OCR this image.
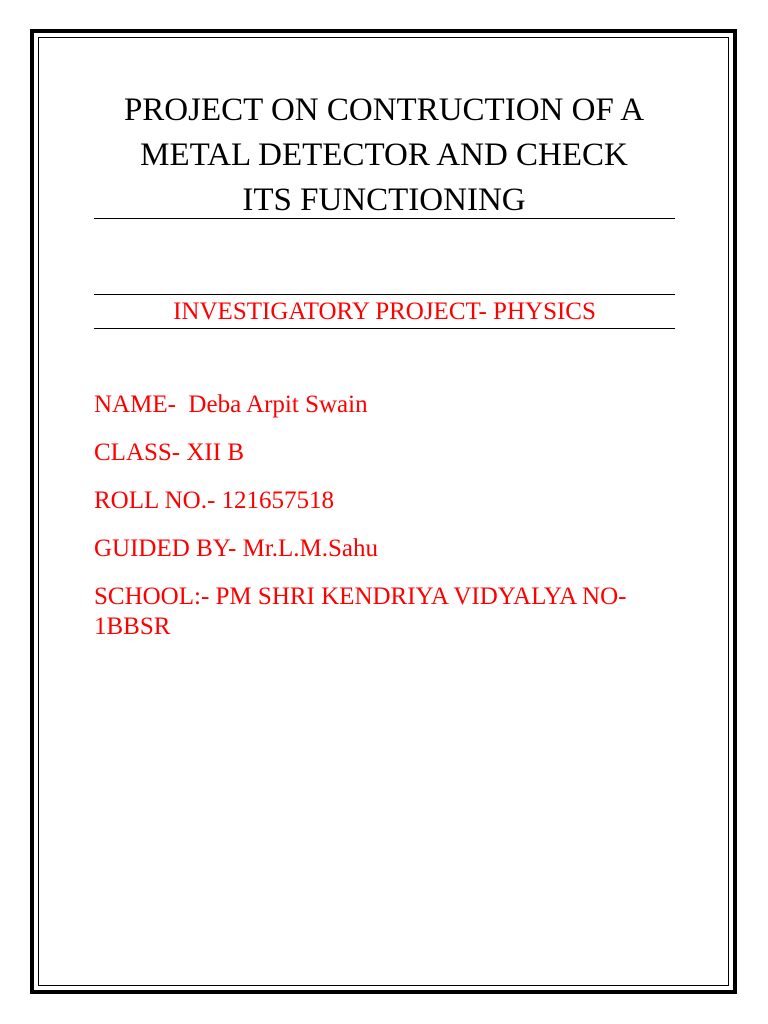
PROJECT ON CONTRUCTION OF A
METAL DETECTOR AND CHECK
ITS FUNCTIONING
INVESTIGATORY PROJECT- PHYSICS
NAME-  Deba Arpit Swain
CLASS- XII B
ROLL NO.- 121657518
GUIDED BY- Mr.L.M.Sahu
SCHOOL:- PM SHRI KENDRIYA VIDYALYA NO-1BBSR
